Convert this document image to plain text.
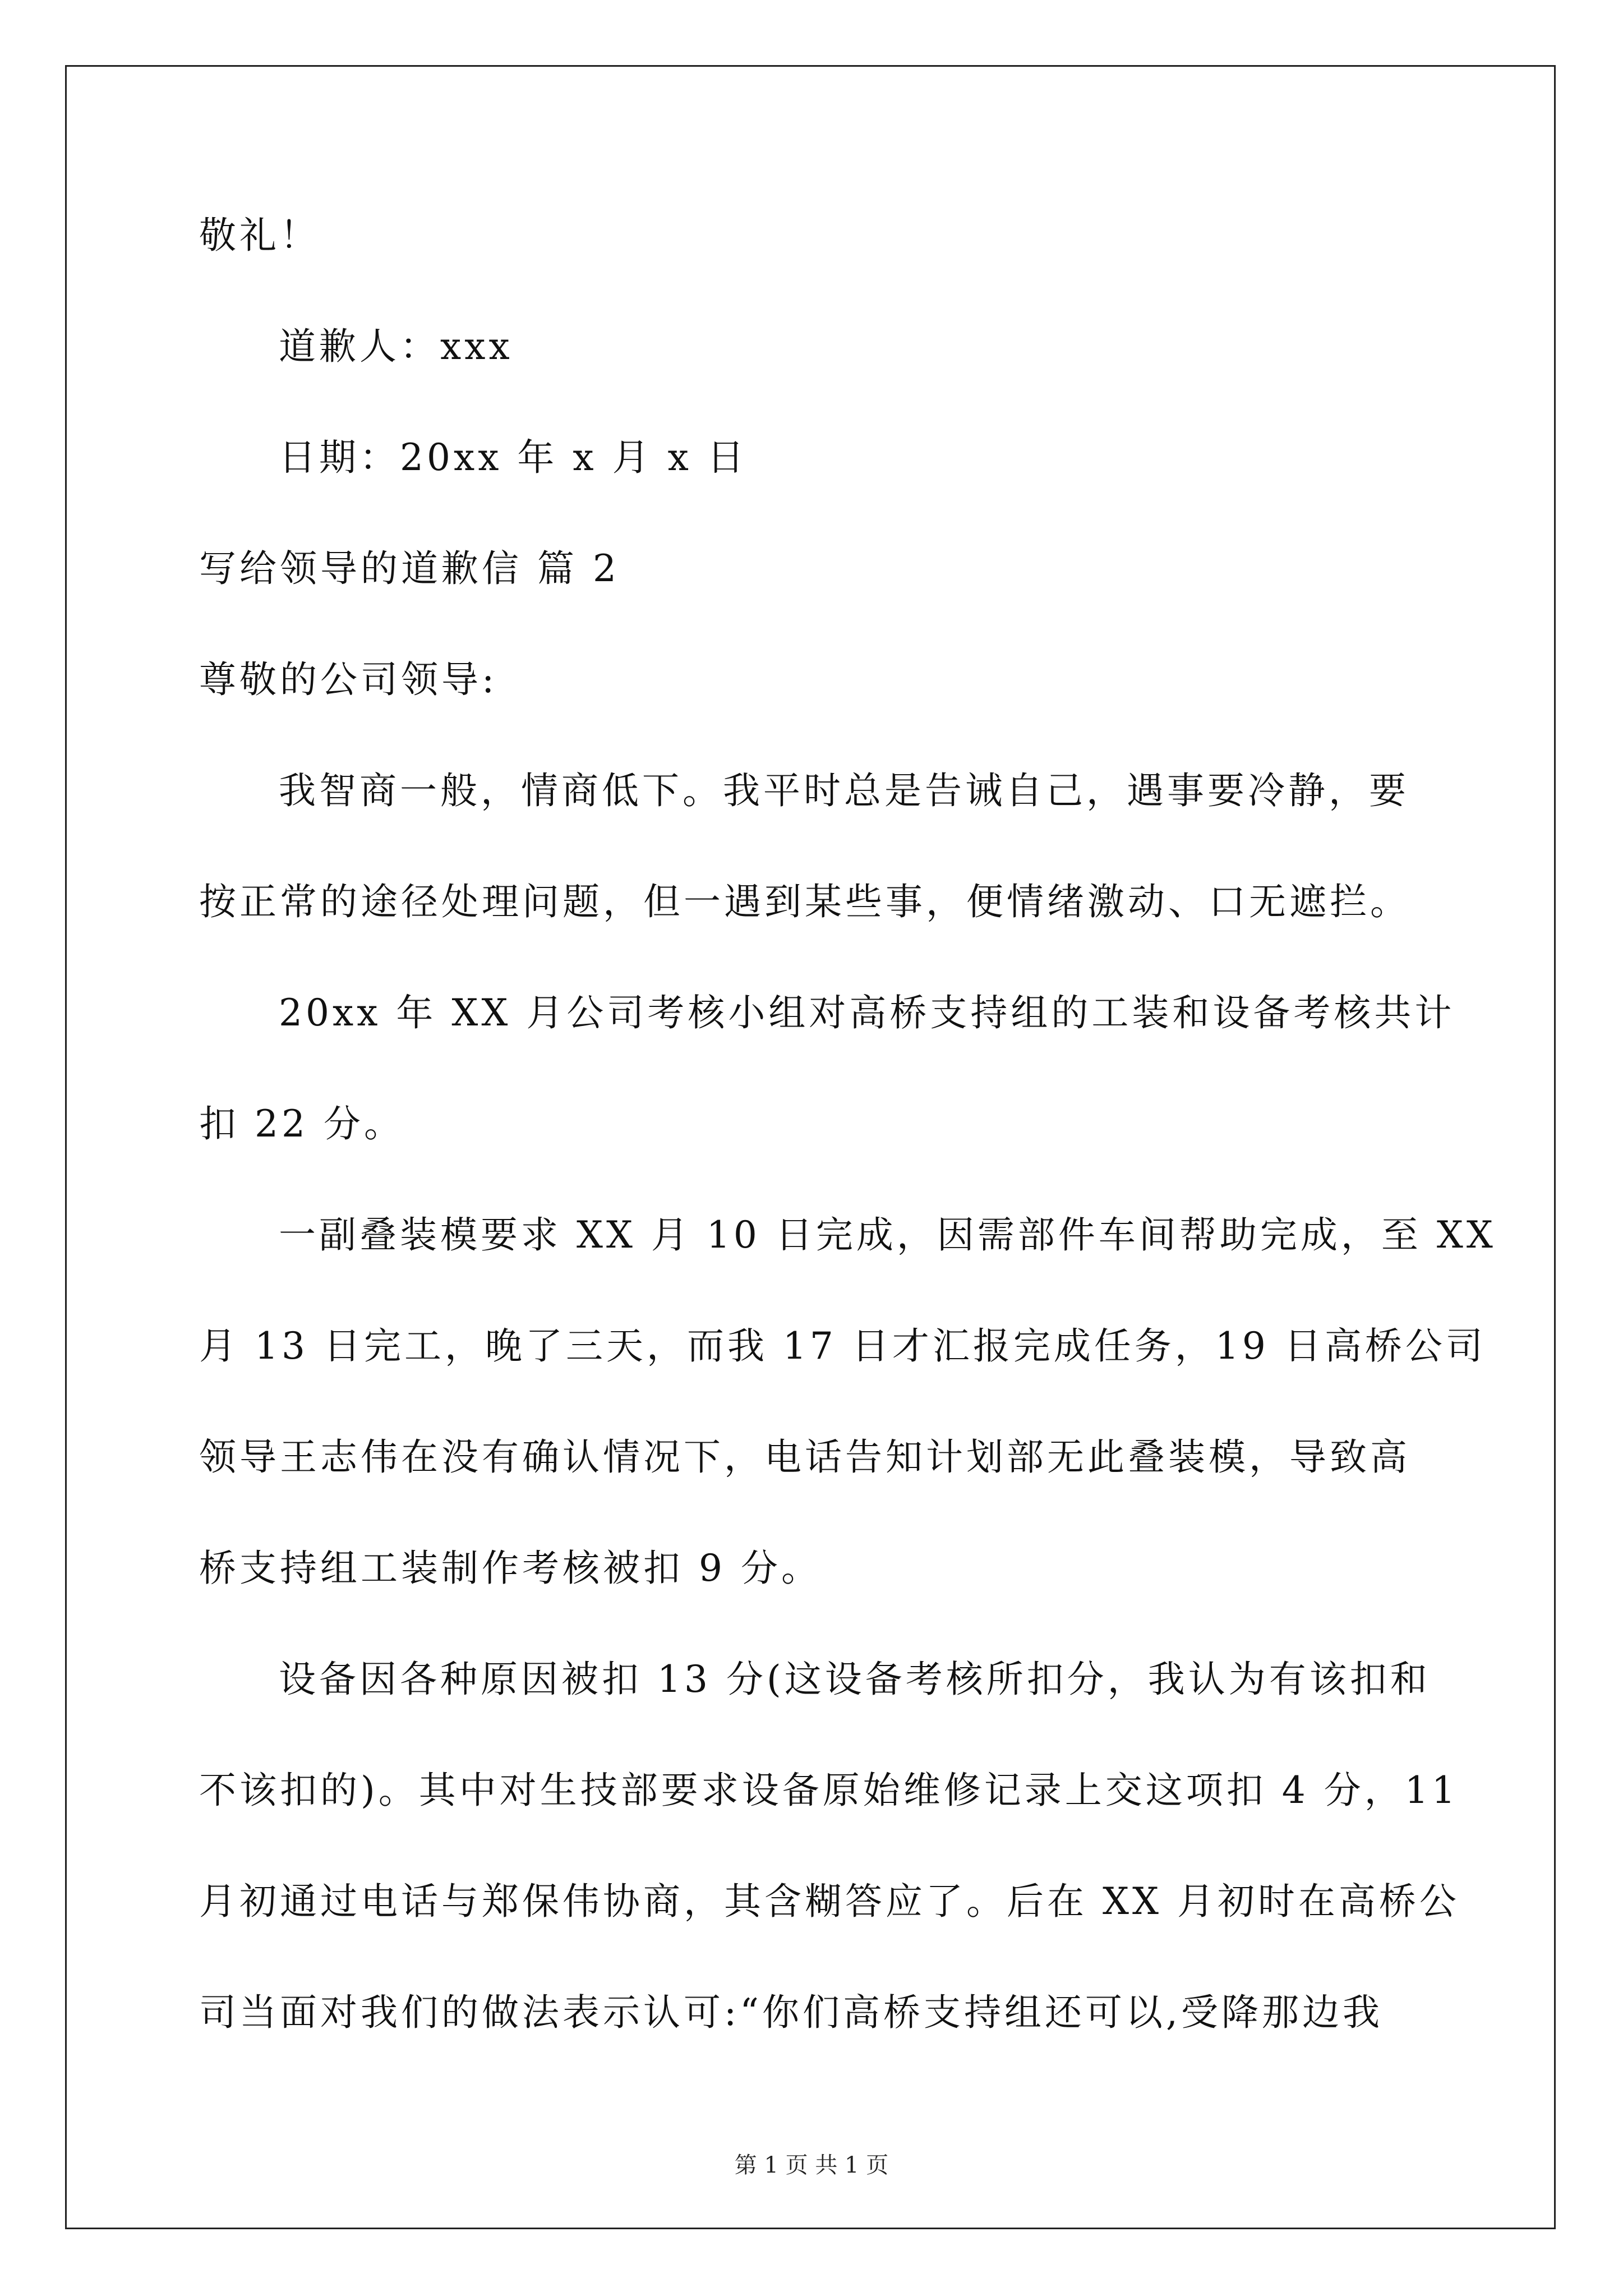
敬礼！
道歉人：xxx
日期：20xx 年 x 月 x 日
写给领导的道歉信 篇 2
尊敬的公司领导:
我智商一般，情商低下。我平时总是告诫自己，遇事要冷静，要
按正常的途径处理问题，但一遇到某些事，便情绪激动、口无遮拦。
20xx 年 XX 月公司考核小组对高桥支持组的工装和设备考核共计
扣 22 分。
一副叠装模要求 XX 月 10 日完成，因需部件车间帮助完成，至 XX
月 13 日完工，晚了三天，而我 17 日才汇报完成任务，19 日高桥公司
领导王志伟在没有确认情况下，电话告知计划部无此叠装模，导致高
桥支持组工装制作考核被扣 9 分。
设备因各种原因被扣 13 分(这设备考核所扣分，我认为有该扣和
不该扣的)。其中对生技部要求设备原始维修记录上交这项扣 4 分，11
月初通过电话与郑保伟协商，其含糊答应了。后在 XX 月初时在高桥公
司当面对我们的做法表示认可:“你们高桥支持组还可以,受降那边我
第 1 页 共 1 页
